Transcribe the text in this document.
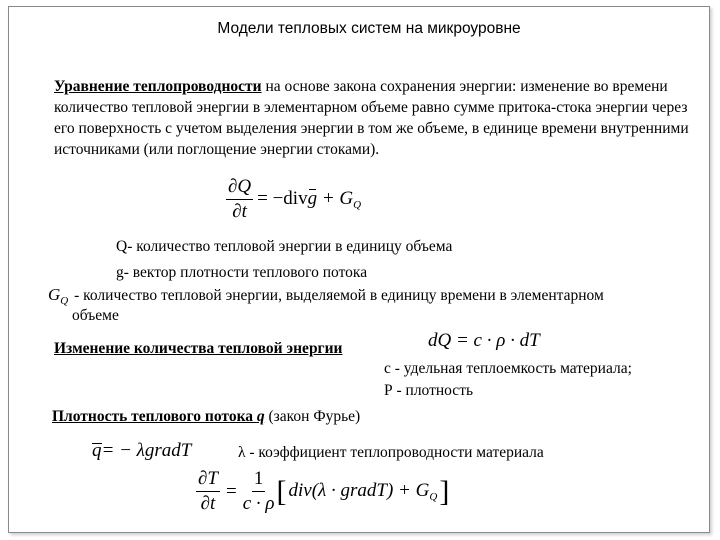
Модели тепловых систем на микроуровне
Уравнение теплопроводности на основе закона сохранения энергии: изменение во времени количество тепловой энергии в элементарном объеме равно сумме притока-стока энергии через его поверхность с учетом выделения энергии в том же объеме, в единице времени внутренними источниками (или поглощение энергии стоками).
$\frac{\partial Q}{\partial t}$ = −divg + $G_Q$
Q- количество тепловой энергии в единицу объема
g- вектор плотности теплового потока
$G_Q$ - количество тепловой энергии, выделяемой в единицу времени в элементарном
объеме
Изменение количества тепловой энергии	dQ = c · ρ · dT
c - удельная теплоемкость материала;
Р - плотность
Плотность теплового потока q (закон Фурье)
q = − λgradT	λ - коэффициент теплопроводности материала
$\frac{\partial T}{\partial t} = \frac{1}{c \cdot \rho}$ [ div(λ · gradT) + $G_Q$ ]
